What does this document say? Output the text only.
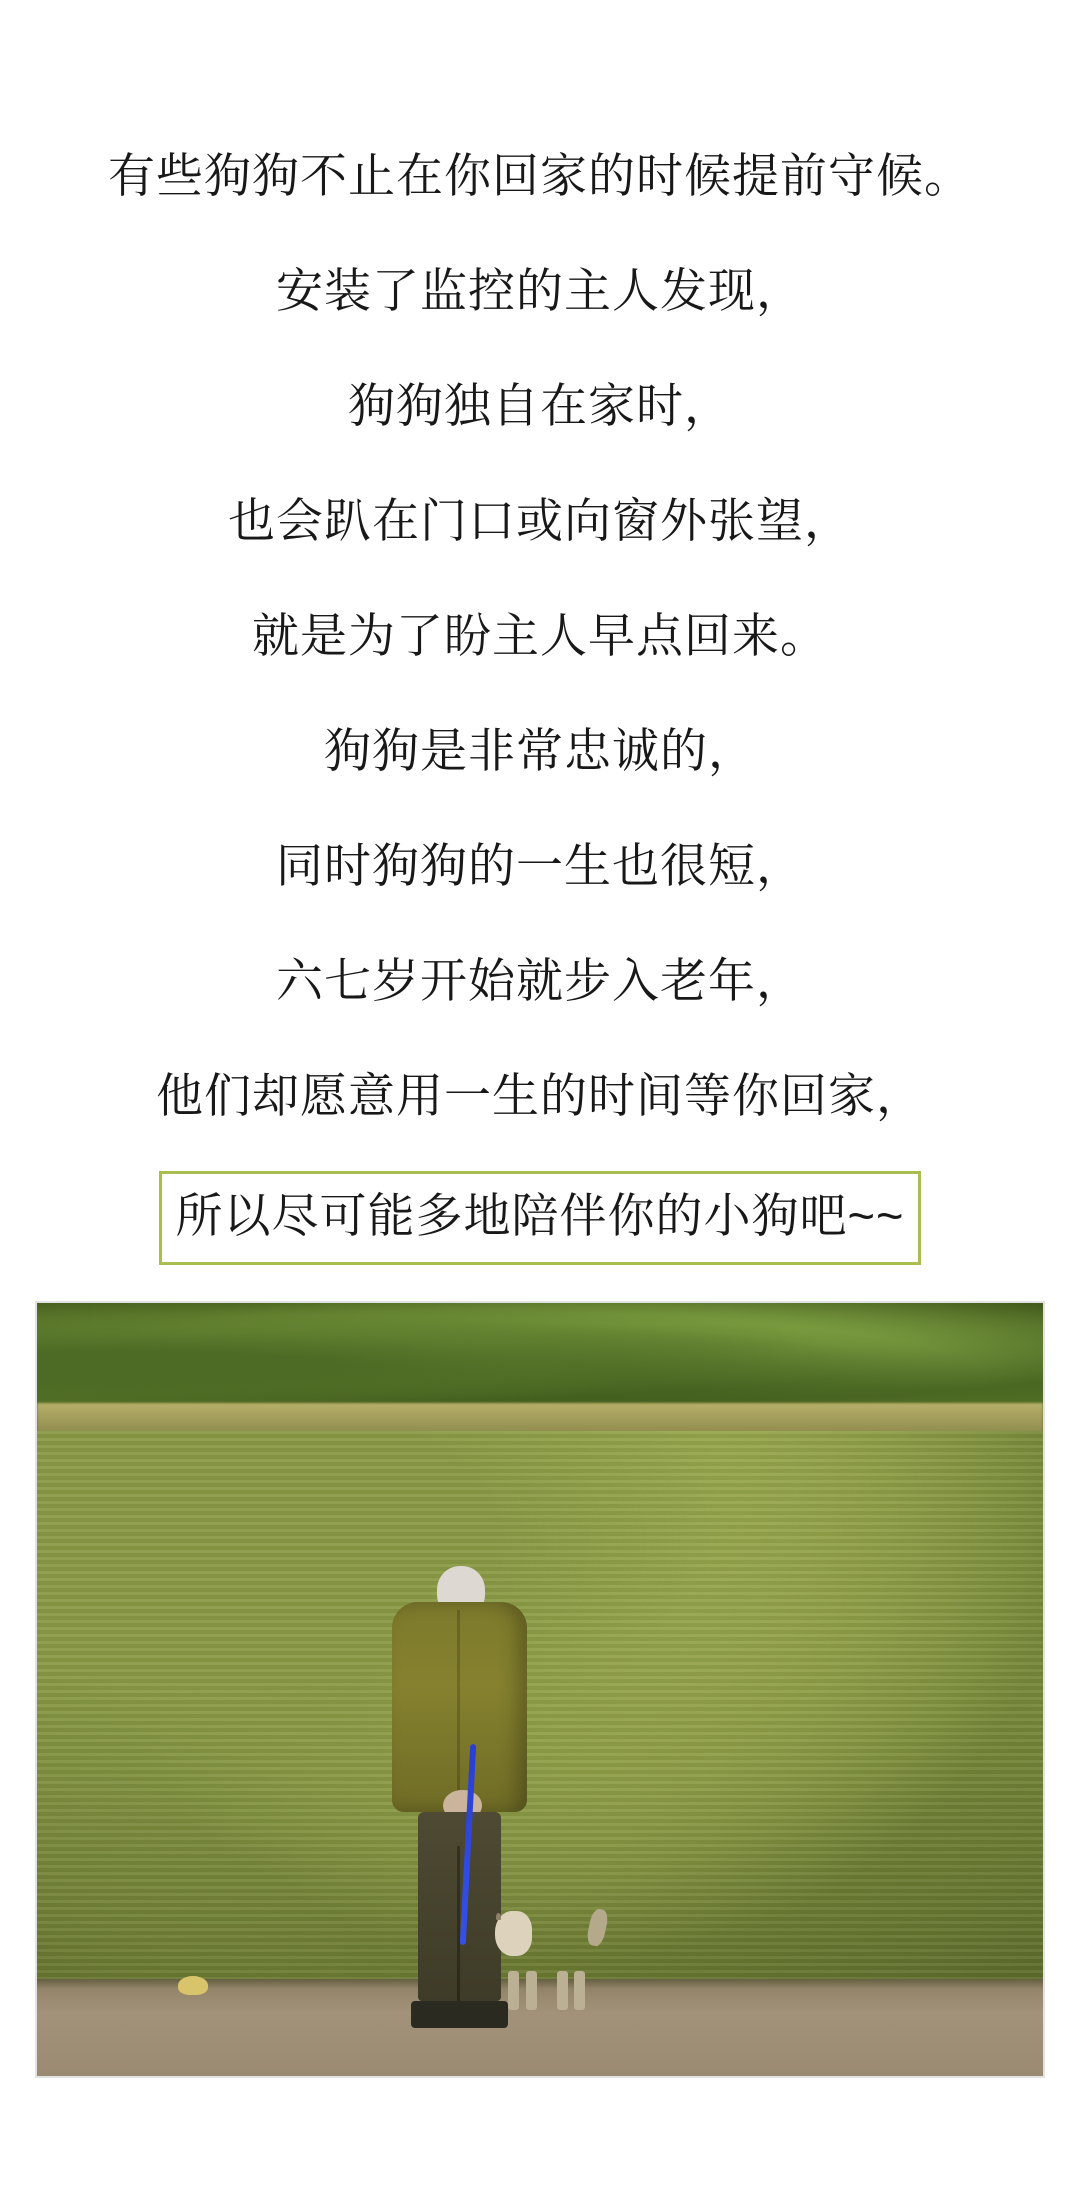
有些狗狗不止在你回家的时候提前守候。
安装了监控的主人发现，
狗狗独自在家时，
也会趴在门口或向窗外张望，
就是为了盼主人早点回来。
狗狗是非常忠诚的，
同时狗狗的一生也很短，
六七岁开始就步入老年，
他们却愿意用一生的时间等你回家，
所以尽可能多地陪伴你的小狗吧~~
